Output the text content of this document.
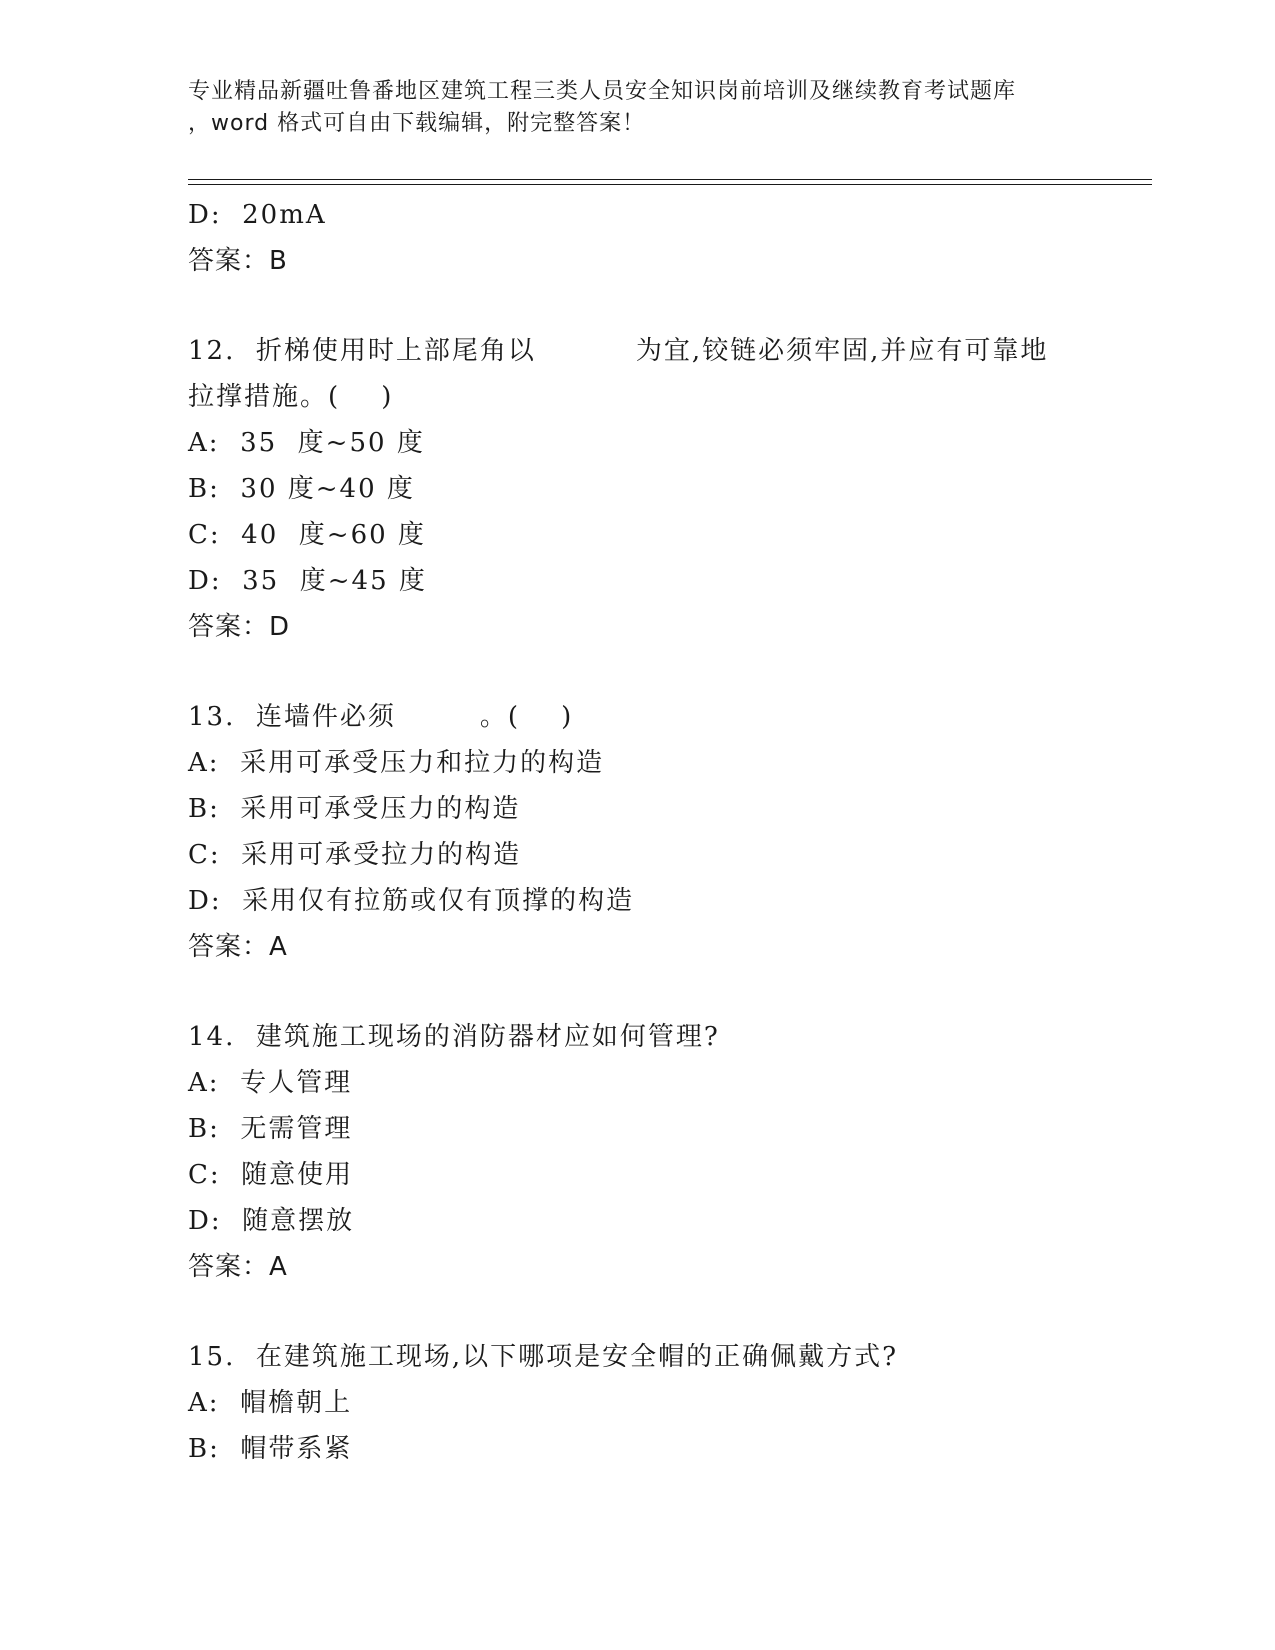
专业精品新疆吐鲁番地区建筑工程三类人员安全知识岗前培训及继续教育考试题库
，word 格式可自由下载编辑，附完整答案！
D:  20mA
答案：B
12.  折梯使用时上部尾角以	为宜,铰链必须牢固,并应有可靠地
拉撑措施。(    )
A:  35  度~50 度
B:  30 度~40 度
C:  40  度~60 度
D:  35  度~45 度
答案：D
13.  连墙件必须	。(    )
A:  采用可承受压力和拉力的构造
B:  采用可承受压力的构造
C:  采用可承受拉力的构造
D:  采用仅有拉筋或仅有顶撑的构造
答案：A
14.  建筑施工现场的消防器材应如何管理?
A:  专人管理
B:  无需管理
C:  随意使用
D:  随意摆放
答案：A
15.  在建筑施工现场,以下哪项是安全帽的正确佩戴方式?
A:  帽檐朝上
B:  帽带系紧
